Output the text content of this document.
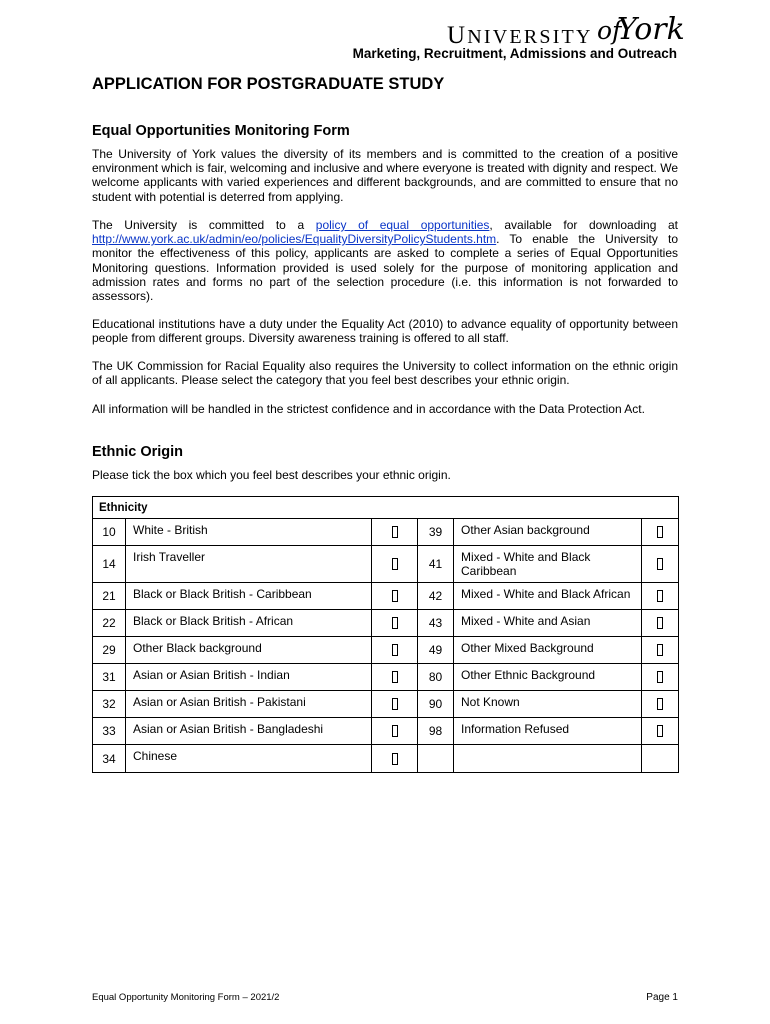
UNIVERSITY of
York
Marketing, Recruitment, Admissions and Outreach
APPLICATION FOR POSTGRADUATE STUDY
Equal Opportunities Monitoring Form

The University of York values the diversity of its members and is committed to the creation of a positive environment which is fair, welcoming and inclusive and where everyone is treated with dignity and respect. We welcome applicants with varied experiences and different backgrounds, and are committed to ensure that no student with potential is deterred from applying.

The University is committed to a policy of equal opportunities, available for downloading at http://www.york.ac.uk/admin/eo/policies/EqualityDiversityPolicyStudents.htm. To enable the University to monitor the effectiveness of this policy, applicants are asked to complete a series of Equal Opportunities Monitoring questions. Information provided is used solely for the purpose of monitoring application and admission rates and forms no part of the selection procedure (i.e. this information is not forwarded to assessors).

Educational institutions have a duty under the Equality Act (2010) to advance equality of opportunity between people from different groups. Diversity awareness training is offered to all staff.

The UK Commission for Racial Equality also requires the University to collect information on the ethnic origin of all applicants. Please select the category that you feel best describes your ethnic origin.

All information will be handled in the strictest confidence and in accordance with the Data Protection Act.

Ethnic Origin

Please tick the box which you feel best describes your ethnic origin.

Ethnicity					
10	White - British		39	Other Asian background	
14	Irish Traveller		41	Mixed - White and Black Caribbean	
21	Black or Black British - Caribbean		42	Mixed - White and Black African	
22	Black or Black British - African		43	Mixed - White and Asian	
29	Other Black background		49	Other Mixed Background	
31	Asian or Asian British - Indian		80	Other Ethnic Background	
32	Asian or Asian British - Pakistani		90	Not Known	
33	Asian or Asian British - Bangladeshi		98	Information Refused	
34	Chinese				
Equal Opportunity Monitoring Form – 2021/2	Page 1
